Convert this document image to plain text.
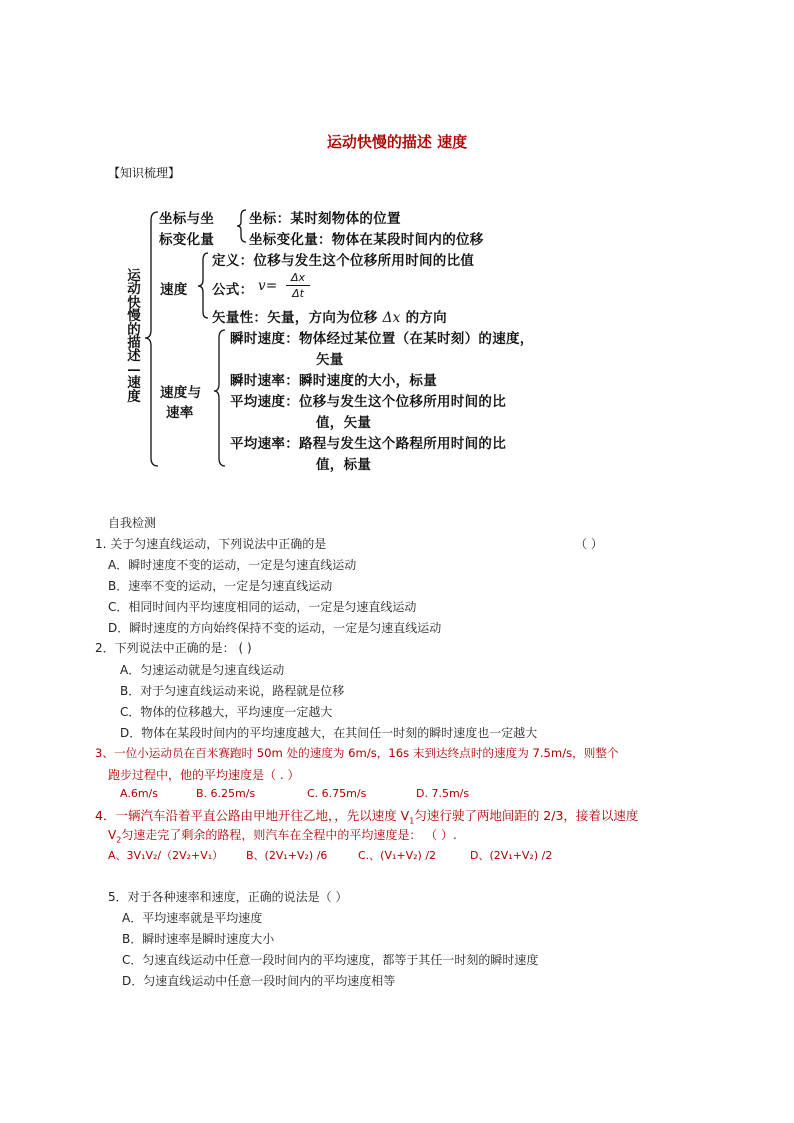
运动快慢的描述 速度
【知识梳理】
运
动
快
慢
的
描
述
—
速
度
坐标与坐
标变化量
坐标：某时刻物体的位置
坐标变化量：物体在某段时间内的位移
速度
定义：位移与发生这个位移所用时间的比值
公式： v=
Δx
Δt
矢量性：矢量，方向为位移 Δx 的方向
速度与
速率
瞬时速度：物体经过某位置（在某时刻）的速度，
矢量
瞬时速率：瞬时速度的大小，标量
平均速度：位移与发生这个位移所用时间的比
值，矢量
平均速率：路程与发生这个路程所用时间的比
值，标量
自我检测
1. 关于匀速直线运动，下列说法中正确的是	（ ）
A．瞬时速度不变的运动，一定是匀速直线运动
B．速率不变的运动，一定是匀速直线运动
C．相同时间内平均速度相同的运动，一定是匀速直线运动
D．瞬时速度的方向始终保持不变的运动，一定是匀速直线运动
2．下列说法中正确的是： ( )
A．匀速运动就是匀速直线运动
B．对于匀速直线运动来说，路程就是位移
C．物体的位移越大，平均速度一定越大
D．物体在某段时间内的平均速度越大，在其间任一时刻的瞬时速度也一定越大
3、一位小运动员在百米赛跑时 50m 处的速度为 6m/s，16s 末到达终点时的速度为 7.5m/s，则整个
跑步过程中，他的平均速度是（ . ）
A.6m/s	B. 6.25m/s	C. 6.75m/s	D. 7.5m/s
4．一辆汽车沿着平直公路由甲地开往乙地，，先以速度 $V_1$匀速行驶了两地间距的 2/3，接着以速度
$V_2$匀速走完了剩余的路程，则汽车在全程中的平均速度是： （ ）.
A、3V₁V₂/（2V₂+V₁） B、(2V₁+V₂) /6	C.、(V₁+V₂) /2	D、(2V₁+V₂) /2
5．对于各种速率和速度，正确的说法是（ ）
A．平均速率就是平均速度
B．瞬时速率是瞬时速度大小
C．匀速直线运动中任意一段时间内的平均速度，都等于其任一时刻的瞬时速度
D．匀速直线运动中任意一段时间内的平均速度相等
